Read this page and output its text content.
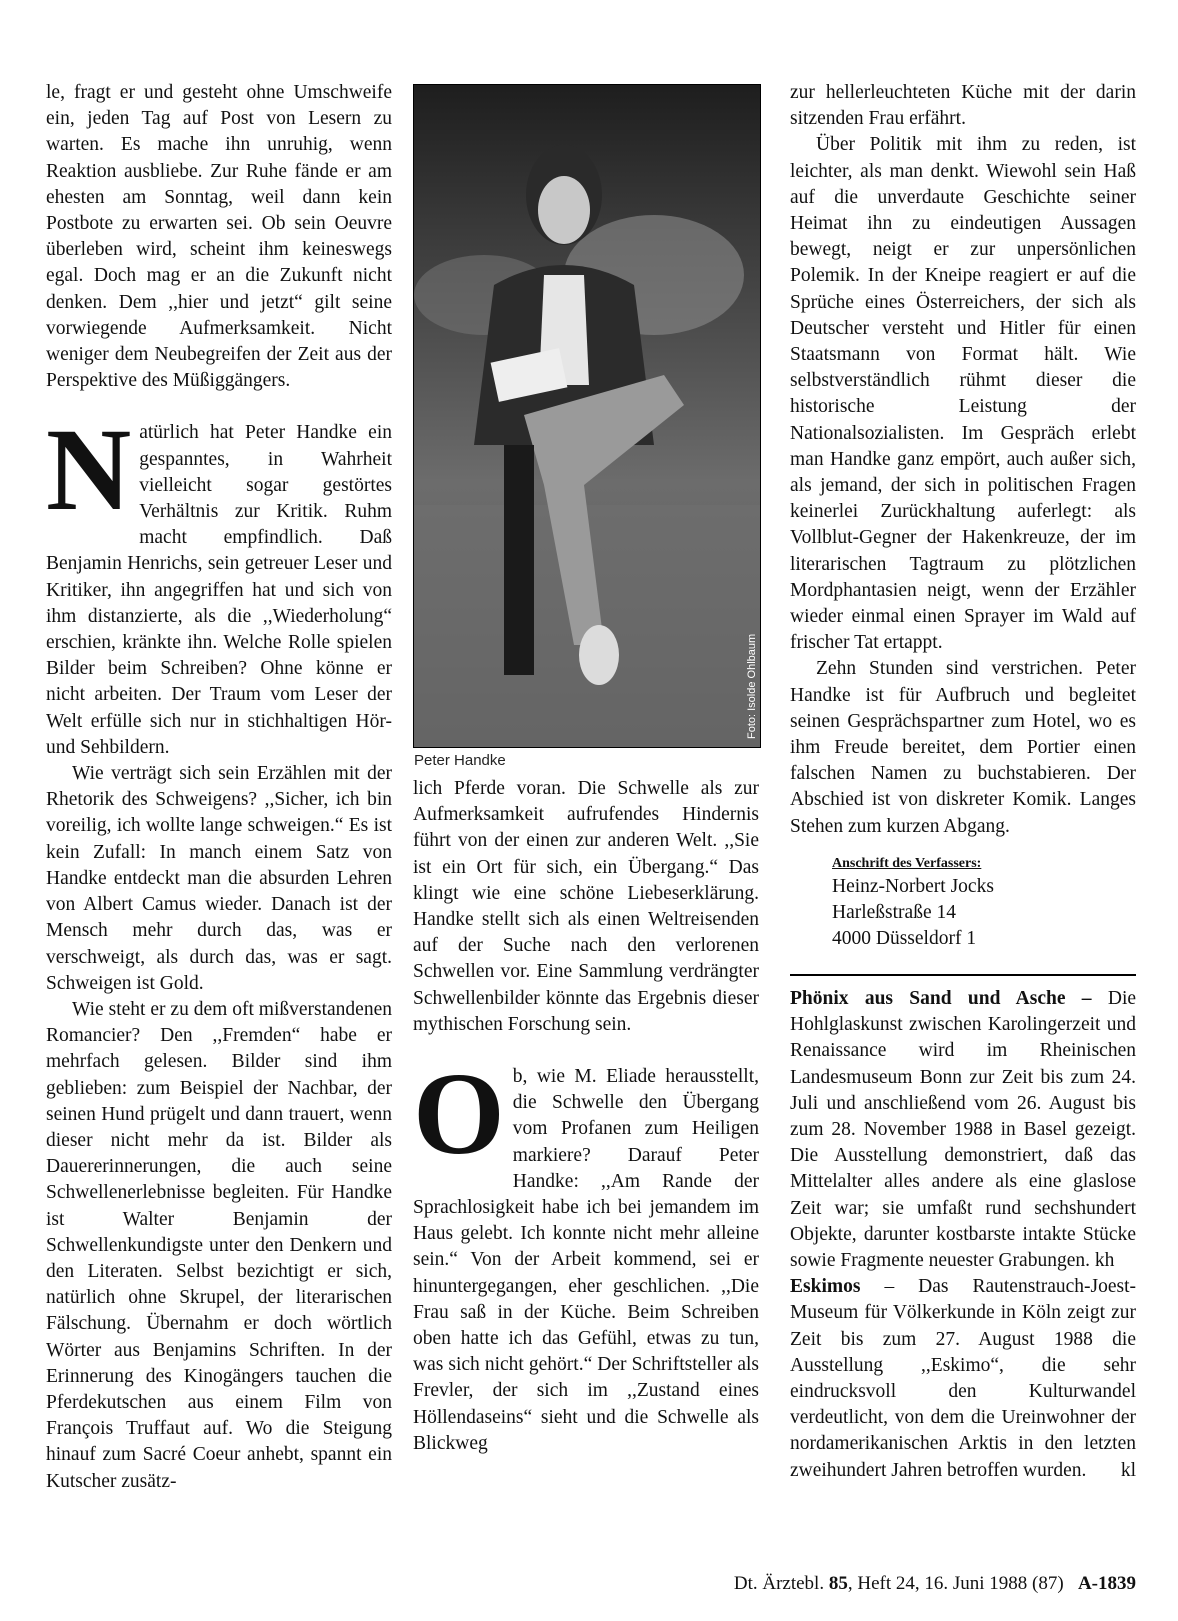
le, fragt er und gesteht ohne Umschweife ein, jeden Tag auf Post von Lesern zu warten. Es mache ihn unruhig, wenn Reaktion ausbliebe. Zur Ruhe fände er am ehesten am Sonntag, weil dann kein Postbote zu erwarten sei. Ob sein Oeuvre überleben wird, scheint ihm keineswegs egal. Doch mag er an die Zukunft nicht denken. Dem ,,hier und jetzt“ gilt seine vorwiegende Aufmerksamkeit. Nicht weniger dem Neubegreifen der Zeit aus der Perspektive des Müßiggängers.

Natürlich hat Peter Handke ein gespanntes, in Wahrheit vielleicht sogar gestörtes Verhältnis zur Kritik. Ruhm macht empfindlich. Daß Benjamin Henrichs, sein getreuer Leser und Kritiker, ihn angegriffen hat und sich von ihm distanzierte, als die ,,Wiederholung“ erschien, kränkte ihn. Welche Rolle spielen Bilder beim Schreiben? Ohne könne er nicht arbeiten. Der Traum vom Leser der Welt erfülle sich nur in stichhaltigen Hör- und Sehbildern.

Wie verträgt sich sein Erzählen mit der Rhetorik des Schweigens? ,,Sicher, ich bin voreilig, ich wollte lange schweigen.“ Es ist kein Zufall: In manch einem Satz von Handke entdeckt man die absurden Lehren von Albert Camus wieder. Danach ist der Mensch mehr durch das, was er verschweigt, als durch das, was er sagt. Schweigen ist Gold.

Wie steht er zu dem oft mißverstandenen Romancier? Den ,,Fremden“ habe er mehrfach gelesen. Bilder sind ihm geblieben: zum Beispiel der Nachbar, der seinen Hund prügelt und dann trauert, wenn dieser nicht mehr da ist. Bilder als Dauererinnerungen, die auch seine Schwellenerlebnisse begleiten. Für Handke ist Walter Benjamin der Schwellenkundigste unter den Denkern und den Literaten. Selbst bezichtigt er sich, natürlich ohne Skrupel, der literarischen Fälschung. Übernahm er doch wörtlich Wörter aus Benjamins Schriften. In der Erinnerung des Kinogängers tauchen die Pferdekutschen aus einem Film von François Truffaut auf. Wo die Steigung hinauf zum Sacré Coeur anhebt, spannt ein Kutscher zusätz-

Foto: Isolde Ohlbaum
Peter Handke

lich Pferde voran. Die Schwelle als zur Aufmerksamkeit aufrufendes Hindernis führt von der einen zur anderen Welt. ,,Sie ist ein Ort für sich, ein Übergang.“ Das klingt wie eine schöne Liebeserklärung. Handke stellt sich als einen Weltreisenden auf der Suche nach den verlorenen Schwellen vor. Eine Sammlung verdrängter Schwellenbilder könnte das Ergebnis dieser mythischen Forschung sein.

Ob, wie M. Eliade herausstellt, die Schwelle den Übergang vom Profanen zum Heiligen markiere? Darauf Peter Handke: ,,Am Rande der Sprachlosigkeit habe ich bei jemandem im Haus gelebt. Ich konnte nicht mehr alleine sein.“ Von der Arbeit kommend, sei er hinuntergegangen, eher geschlichen. ,,Die Frau saß in der Küche. Beim Schreiben oben hatte ich das Gefühl, etwas zu tun, was sich nicht gehört.“ Der Schriftsteller als Frevler, der sich im ,,Zustand eines Höllendaseins“ sieht und die Schwelle als Blickweg

zur hellerleuchteten Küche mit der darin sitzenden Frau erfährt.

Über Politik mit ihm zu reden, ist leichter, als man denkt. Wiewohl sein Haß auf die unverdaute Geschichte seiner Heimat ihn zu eindeutigen Aussagen bewegt, neigt er zur unpersönlichen Polemik. In der Kneipe reagiert er auf die Sprüche eines Österreichers, der sich als Deutscher versteht und Hitler für einen Staatsmann von Format hält. Wie selbstverständlich rühmt dieser die historische Leistung der Nationalsozialisten. Im Gespräch erlebt man Handke ganz empört, auch außer sich, als jemand, der sich in politischen Fragen keinerlei Zurückhaltung auferlegt: als Vollblut-Gegner der Hakenkreuze, der im literarischen Tagtraum zu plötzlichen Mordphantasien neigt, wenn der Erzähler wieder einmal einen Sprayer im Wald auf frischer Tat ertappt.

Zehn Stunden sind verstrichen. Peter Handke ist für Aufbruch und begleitet seinen Gesprächspartner zum Hotel, wo es ihm Freude bereitet, dem Portier einen falschen Namen zu buchstabieren. Der Abschied ist von diskreter Komik. Langes Stehen zum kurzen Abgang.

Anschrift des Verfassers:
Heinz-Norbert Jocks
Harleßstraße 14
4000 Düsseldorf 1

Phönix aus Sand und Asche – Die Hohlglaskunst zwischen Karolingerzeit und Renaissance wird im Rheinischen Landesmuseum Bonn zur Zeit bis zum 24. Juli und anschließend vom 26. August bis zum 28. November 1988 in Basel gezeigt. Die Ausstellung demonstriert, daß das Mittelalter alles andere als eine glaslose Zeit war; sie umfaßt rund sechshundert Objekte, darunter kostbarste intakte Stücke sowie Fragmente neuester Grabungen. kh

Eskimos – Das Rautenstrauch-Joest-Museum für Völkerkunde in Köln zeigt zur Zeit bis zum 27. August 1988 die Ausstellung ,,Eskimo“, die sehr eindrucksvoll den Kulturwandel verdeutlicht, von dem die Ureinwohner der nordamerikanischen Arktis in den letzten zweihundert Jahren betroffen wurden. kl

Dt. Ärztebl. 85, Heft 24, 16. Juni 1988 (87) A-1839
